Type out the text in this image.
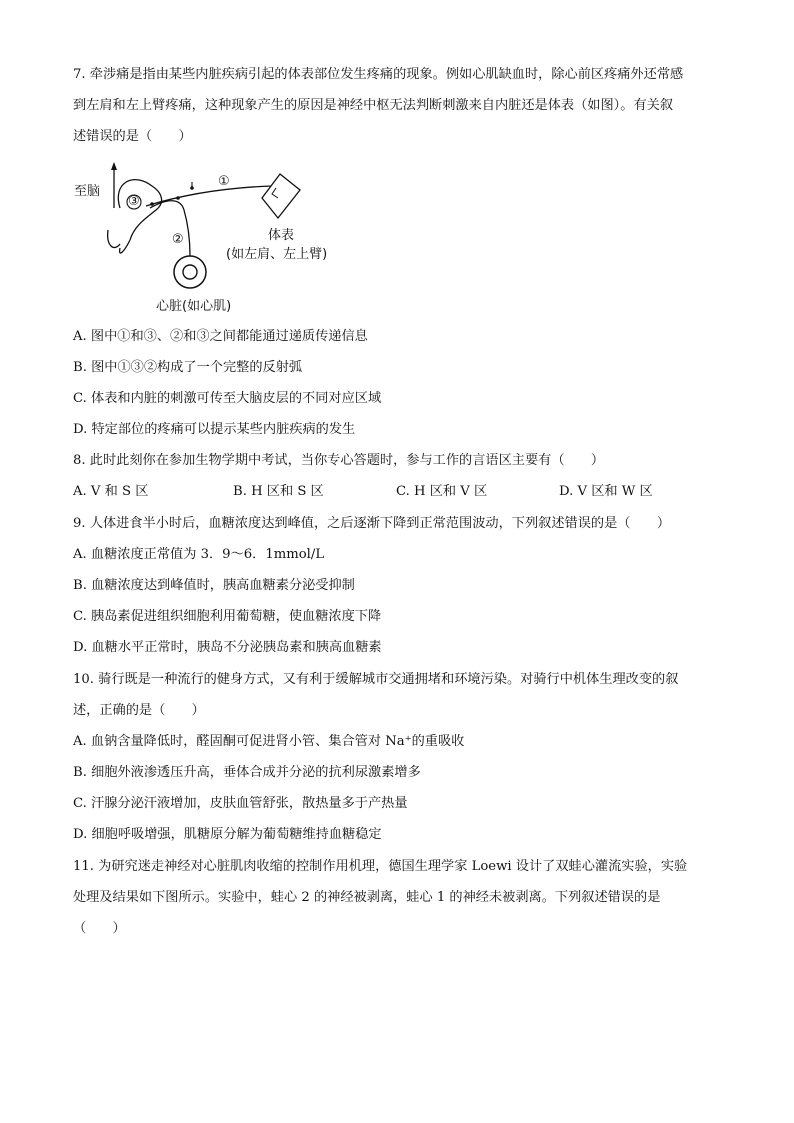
7. 牵涉痛是指由某些内脏疾病引起的体表部位发生疼痛的现象。例如心肌缺血时，除心前区疼痛外还常感
到左肩和左上臂疼痛，这种现象产生的原因是神经中枢无法判断刺激来自内脏还是体表（如图）。有关叙
述错误的是（　　）
至脑
①
③
②	体表
(如左肩、左上臂)
心脏(如心肌)
A. 图中①和③、②和③之间都能通过递质传递信息
B. 图中①③②构成了一个完整的反射弧
C. 体表和内脏的刺激可传至大脑皮层的不同对应区域
D. 特定部位的疼痛可以提示某些内脏疾病的发生
8. 此时此刻你在参加生物学期中考试，当你专心答题时，参与工作的言语区主要有（　　）
A. V 和 S 区	B. H 区和 S 区	C. H 区和 V 区	D. V 区和 W 区
9. 人体进食半小时后，血糖浓度达到峰值，之后逐渐下降到正常范围波动，下列叙述错误的是（　　）
A. 血糖浓度正常值为 3．9～6．1mmol/L
B. 血糖浓度达到峰值时，胰高血糖素分泌受抑制
C. 胰岛素促进组织细胞利用葡萄糖，使血糖浓度下降
D. 血糖水平正常时，胰岛不分泌胰岛素和胰高血糖素
10. 骑行既是一种流行的健身方式，又有利于缓解城市交通拥堵和环境污染。对骑行中机体生理改变的叙
述，正确的是（　　）
A. 血钠含量降低时，醛固酮可促进肾小管、集合管对 Na⁺的重吸收
B. 细胞外液渗透压升高，垂体合成并分泌的抗利尿激素增多
C. 汗腺分泌汗液增加，皮肤血管舒张，散热量多于产热量
D. 细胞呼吸增强，肌糖原分解为葡萄糖维持血糖稳定
11. 为研究迷走神经对心脏肌肉收缩的控制作用机理，德国生理学家 Loewi 设计了双蛙心灌流实验，实验
处理及结果如下图所示。实验中，蛙心 2 的神经被剥离，蛙心 1 的神经未被剥离。下列叙述错误的是
（　　）
